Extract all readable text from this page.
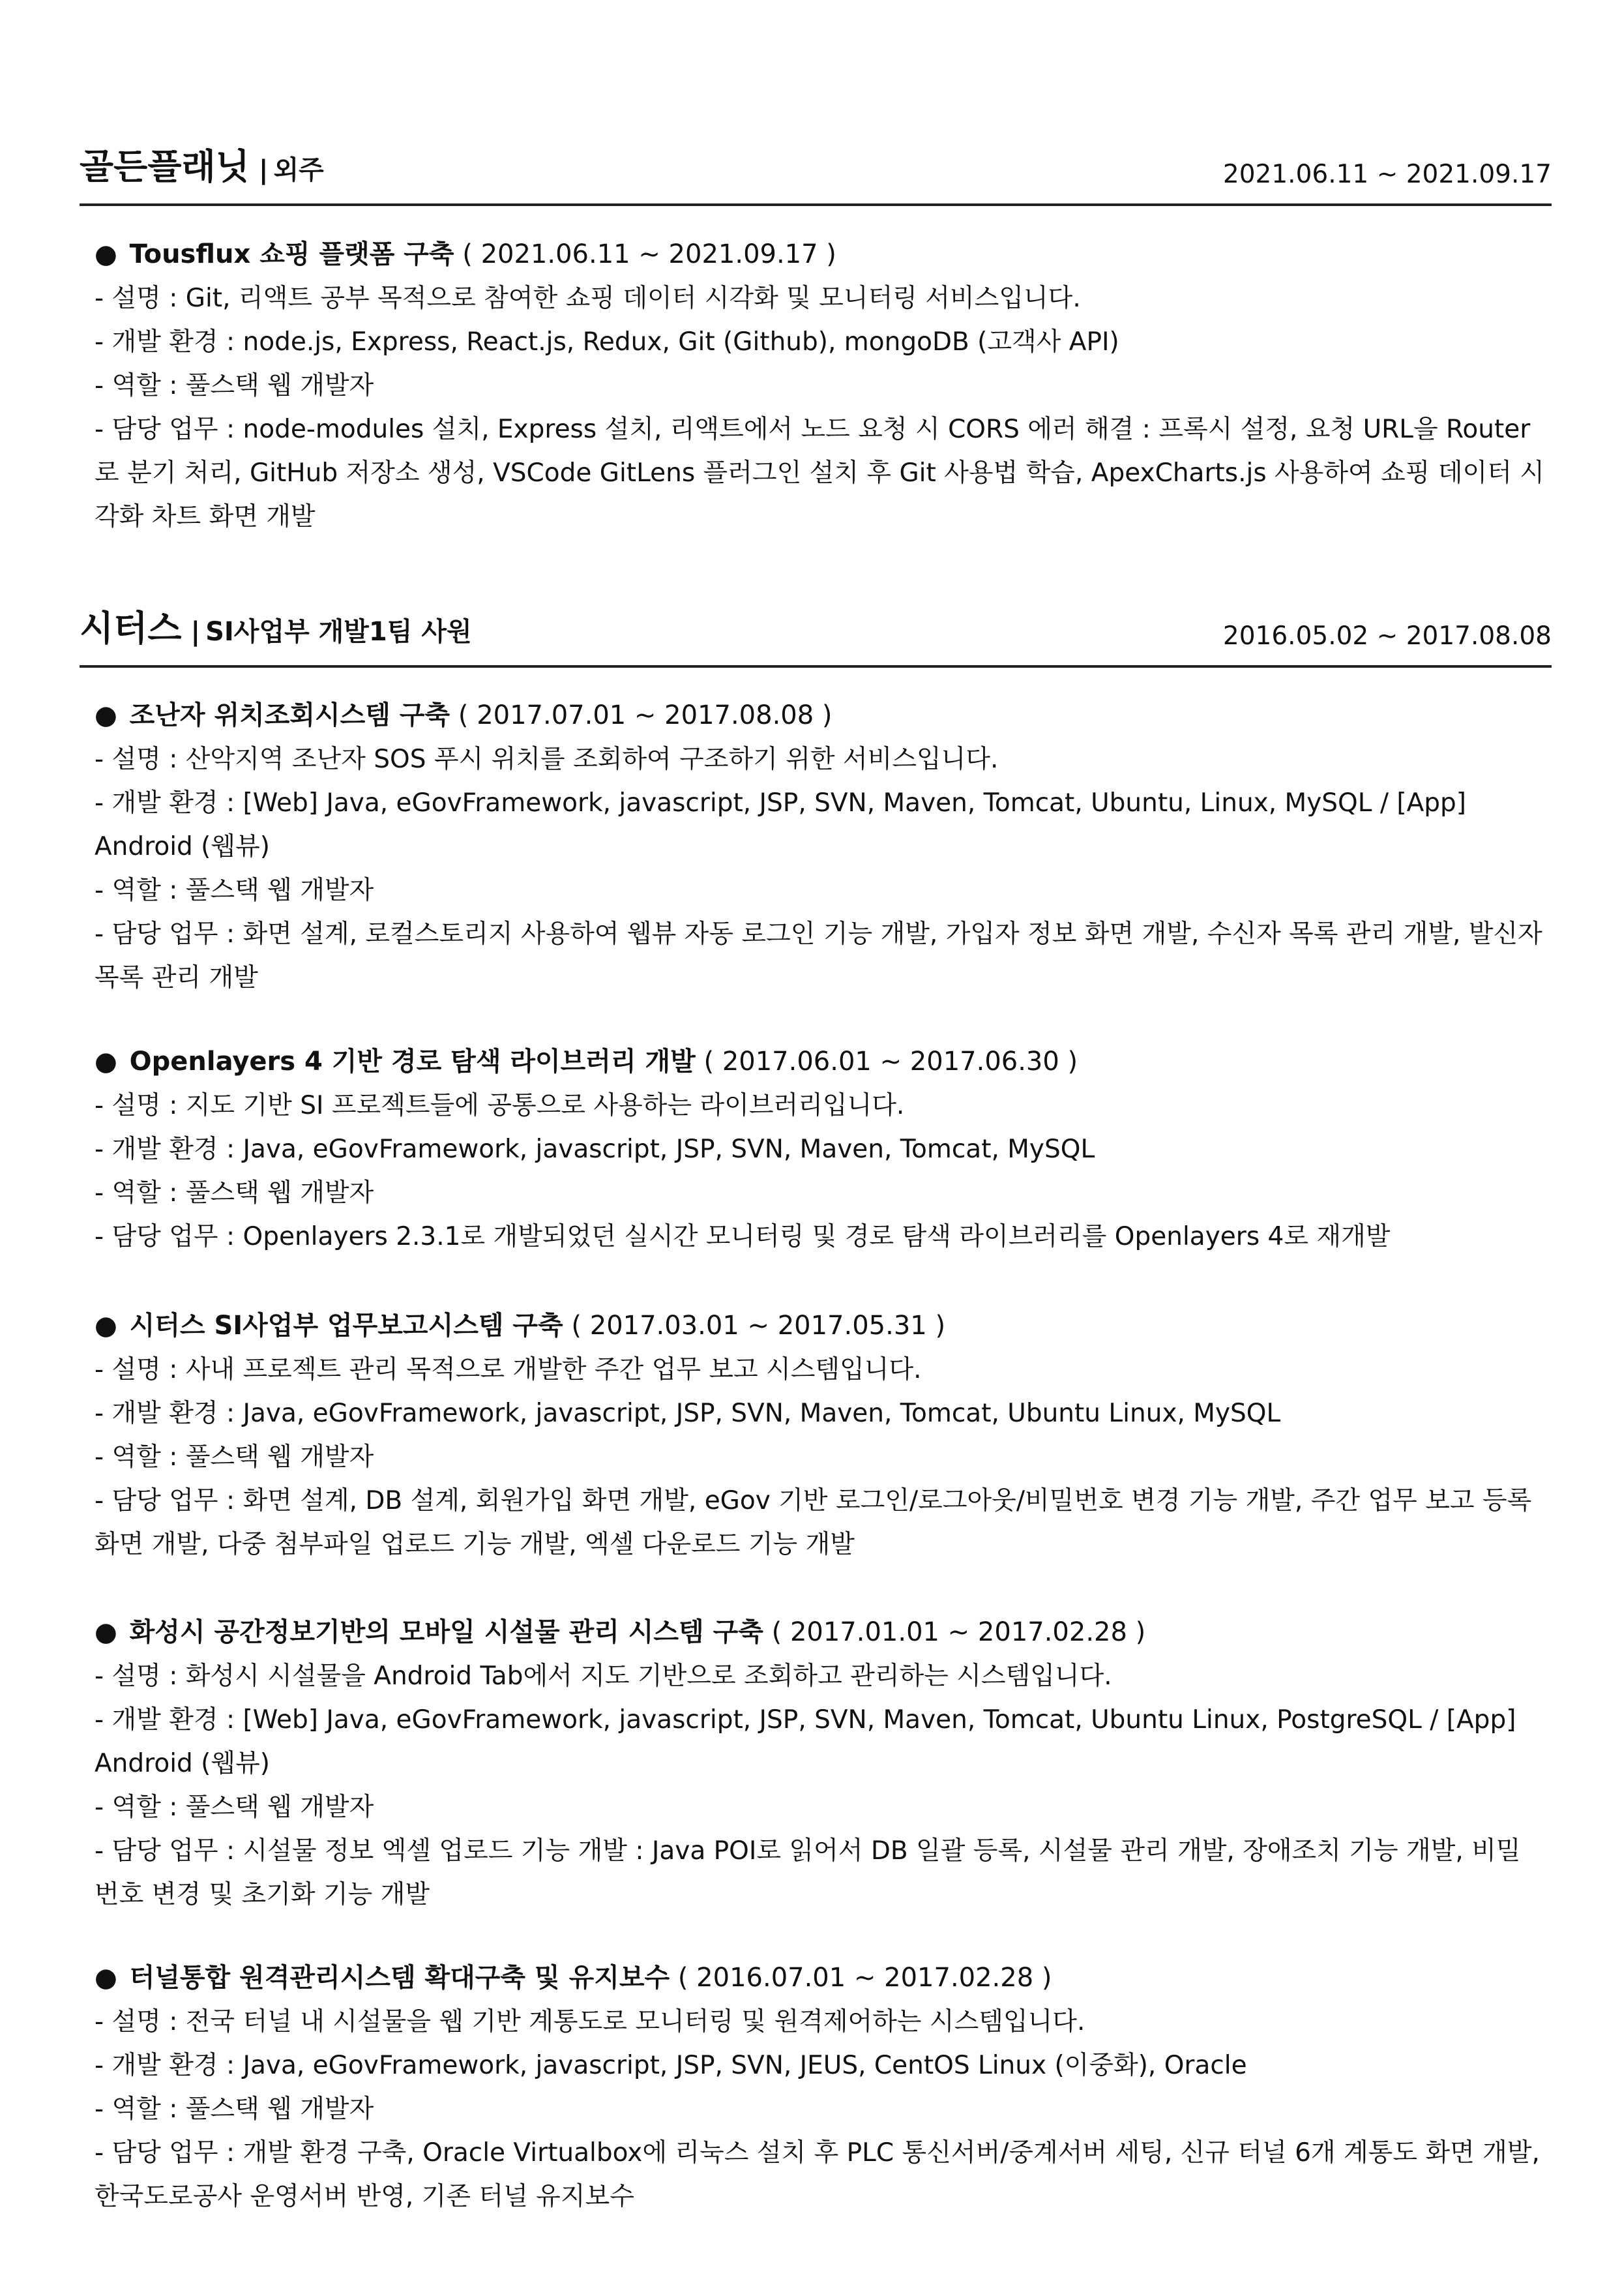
골든플래닛 | 외주	2021.06.11 ~ 2021.09.17
● Tousflux 쇼핑 플랫폼 구축 ( 2021.06.11 ~ 2021.09.17 )
- 설명 : Git, 리액트 공부 목적으로 참여한 쇼핑 데이터 시각화 및 모니터링 서비스입니다.
- 개발 환경 : node.js, Express, React.js, Redux, Git (Github), mongoDB (고객사 API)
- 역할 : 풀스택 웹 개발자
- 담당 업무 : node-modules 설치, Express 설치, 리액트에서 노드 요청 시 CORS 에러 해결 : 프록시 설정, 요청 URL을 Router로 분기 처리, GitHub 저장소 생성, VSCode GitLens 플러그인 설치 후 Git 사용법 학습, ApexCharts.js 사용하여 쇼핑 데이터 시각화 차트 화면 개발
시터스 | SI사업부 개발1팀 사원	2016.05.02 ~ 2017.08.08
● 조난자 위치조회시스템 구축 ( 2017.07.01 ~ 2017.08.08 )
- 설명 : 산악지역 조난자 SOS 푸시 위치를 조회하여 구조하기 위한 서비스입니다.
- 개발 환경 : [Web] Java, eGovFramework, javascript, JSP, SVN, Maven, Tomcat, Ubuntu, Linux, MySQL / [App] Android (웹뷰)
- 역할 : 풀스택 웹 개발자
- 담당 업무 : 화면 설계, 로컬스토리지 사용하여 웹뷰 자동 로그인 기능 개발, 가입자 정보 화면 개발, 수신자 목록 관리 개발, 발신자 목록 관리 개발
● Openlayers 4 기반 경로 탐색 라이브러리 개발 ( 2017.06.01 ~ 2017.06.30 )
- 설명 : 지도 기반 SI 프로젝트들에 공통으로 사용하는 라이브러리입니다.
- 개발 환경 : Java, eGovFramework, javascript, JSP, SVN, Maven, Tomcat, MySQL
- 역할 : 풀스택 웹 개발자
- 담당 업무 : Openlayers 2.3.1로 개발되었던 실시간 모니터링 및 경로 탐색 라이브러리를 Openlayers 4로 재개발
● 시터스 SI사업부 업무보고시스템 구축 ( 2017.03.01 ~ 2017.05.31 )
- 설명 : 사내 프로젝트 관리 목적으로 개발한 주간 업무 보고 시스템입니다.
- 개발 환경 : Java, eGovFramework, javascript, JSP, SVN, Maven, Tomcat, Ubuntu Linux, MySQL
- 역할 : 풀스택 웹 개발자
- 담당 업무 : 화면 설계, DB 설계, 회원가입 화면 개발, eGov 기반 로그인/로그아웃/비밀번호 변경 기능 개발, 주간 업무 보고 등록 화면 개발, 다중 첨부파일 업로드 기능 개발, 엑셀 다운로드 기능 개발
● 화성시 공간정보기반의 모바일 시설물 관리 시스템 구축 ( 2017.01.01 ~ 2017.02.28 )
- 설명 : 화성시 시설물을 Android Tab에서 지도 기반으로 조회하고 관리하는 시스템입니다.
- 개발 환경 : [Web] Java, eGovFramework, javascript, JSP, SVN, Maven, Tomcat, Ubuntu Linux, PostgreSQL / [App] Android (웹뷰)
- 역할 : 풀스택 웹 개발자
- 담당 업무 : 시설물 정보 엑셀 업로드 기능 개발 : Java POI로 읽어서 DB 일괄 등록, 시설물 관리 개발, 장애조치 기능 개발, 비밀번호 변경 및 초기화 기능 개발
● 터널통합 원격관리시스템 확대구축 및 유지보수 ( 2016.07.01 ~ 2017.02.28 )
- 설명 : 전국 터널 내 시설물을 웹 기반 계통도로 모니터링 및 원격제어하는 시스템입니다.
- 개발 환경 : Java, eGovFramework, javascript, JSP, SVN, JEUS, CentOS Linux (이중화), Oracle
- 역할 : 풀스택 웹 개발자
- 담당 업무 : 개발 환경 구축, Oracle Virtualbox에 리눅스 설치 후 PLC 통신서버/중계서버 세팅, 신규 터널 6개 계통도 화면 개발, 한국도로공사 운영서버 반영, 기존 터널 유지보수
